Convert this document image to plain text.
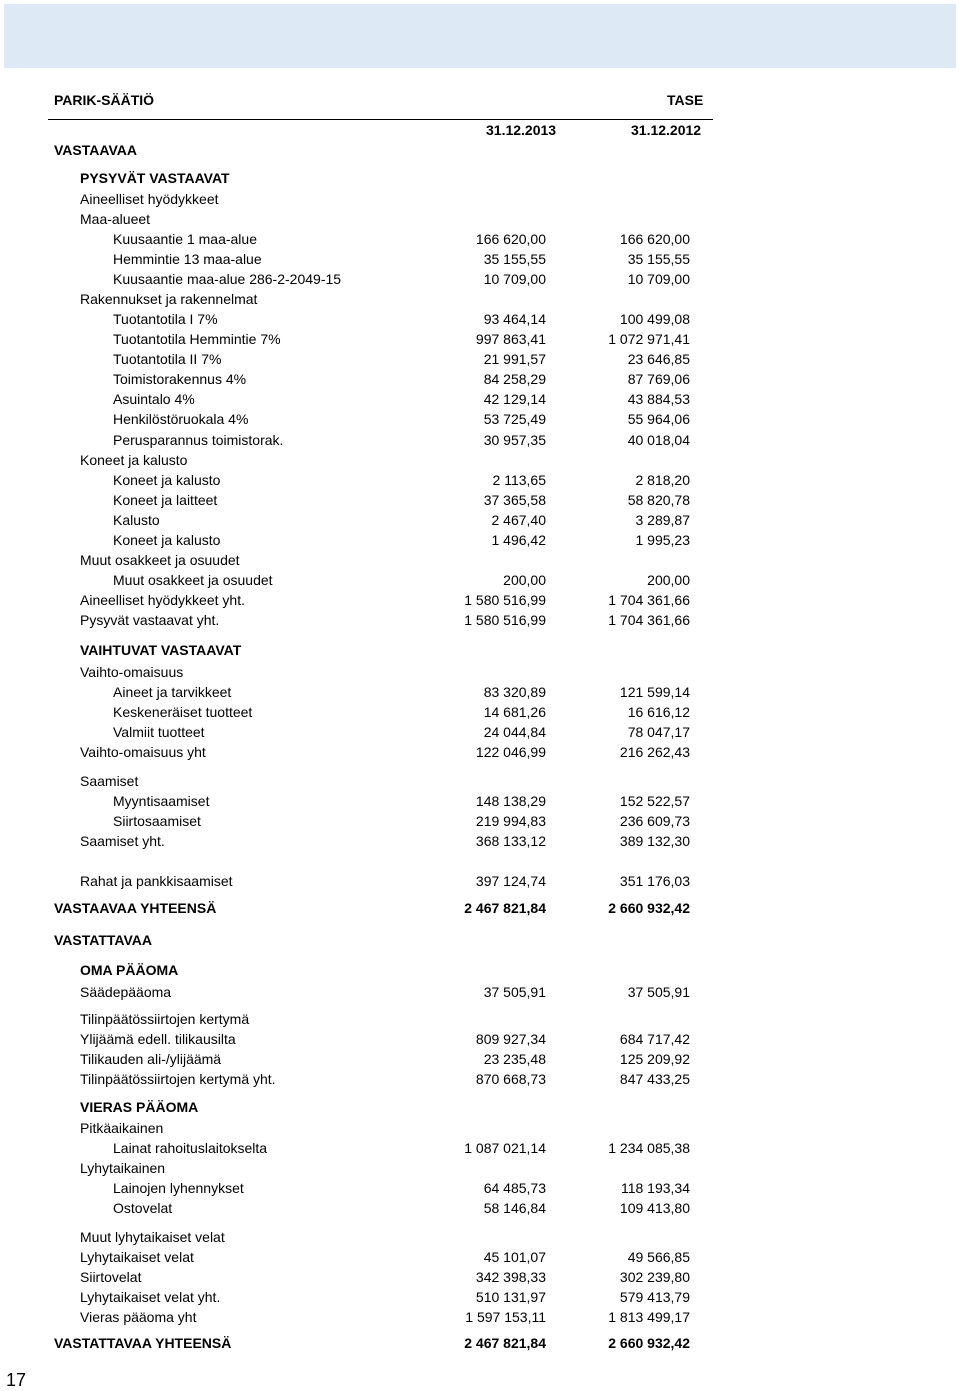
PARIK-SÄÄTIÖ	TASE
31.12.2013	31.12.2012
VASTAAVAA
PYSYVÄT VASTAAVAT
Aineelliset hyödykkeet
Maa-alueet
Kuusaantie 1 maa-alue	166 620,00	166 620,00
Hemmintie 13 maa-alue	35 155,55	35 155,55
Kuusaantie maa-alue 286-2-2049-15	10 709,00	10 709,00
Rakennukset ja rakennelmat
Tuotantotila I 7%	93 464,14	100 499,08
Tuotantotila Hemmintie 7%	997 863,41	1 072 971,41
Tuotantotila II 7%	21 991,57	23 646,85
Toimistorakennus 4%	84 258,29	87 769,06
Asuintalo 4%	42 129,14	43 884,53
Henkilöstöruokala 4%	53 725,49	55 964,06
Perusparannus toimistorak.	30 957,35	40 018,04
Koneet ja kalusto
Koneet ja kalusto	2 113,65	2 818,20
Koneet ja laitteet	37 365,58	58 820,78
Kalusto	2 467,40	3 289,87
Koneet ja kalusto	1 496,42	1 995,23
Muut osakkeet ja osuudet
Muut osakkeet ja osuudet	200,00	200,00
Aineelliset hyödykkeet yht.	1 580 516,99	1 704 361,66
Pysyvät vastaavat yht.	1 580 516,99	1 704 361,66
VAIHTUVAT VASTAAVAT
Vaihto-omaisuus
Aineet ja tarvikkeet	83 320,89	121 599,14
Keskeneräiset tuotteet	14 681,26	16 616,12
Valmiit tuotteet	24 044,84	78 047,17
Vaihto-omaisuus yht	122 046,99	216 262,43
Saamiset
Myyntisaamiset	148 138,29	152 522,57
Siirtosaamiset	219 994,83	236 609,73
Saamiset yht.	368 133,12	389 132,30
Rahat ja pankkisaamiset	397 124,74	351 176,03
VASTAAVAA YHTEENSÄ	2 467 821,84	2 660 932,42
VASTATTAVAA
OMA PÄÄOMA
Säädepääoma	37 505,91	37 505,91
Tilinpäätössiirtojen kertymä
Ylijäämä edell. tilikausilta	809 927,34	684 717,42
Tilikauden ali-/ylijäämä	23 235,48	125 209,92
Tilinpäätössiirtojen kertymä yht.	870 668,73	847 433,25
VIERAS PÄÄOMA
Pitkäaikainen
Lainat rahoituslaitokselta	1 087 021,14	1 234 085,38
Lyhytaikainen
Lainojen lyhennykset	64 485,73	118 193,34
Ostovelat	58 146,84	109 413,80
Muut lyhytaikaiset velat
Lyhytaikaiset velat	45 101,07	49 566,85
Siirtovelat	342 398,33	302 239,80
Lyhytaikaiset velat yht.	510 131,97	579 413,79
Vieras pääoma yht	1 597 153,11	1 813 499,17
VASTATTAVAA YHTEENSÄ	2 467 821,84	2 660 932,42
17
